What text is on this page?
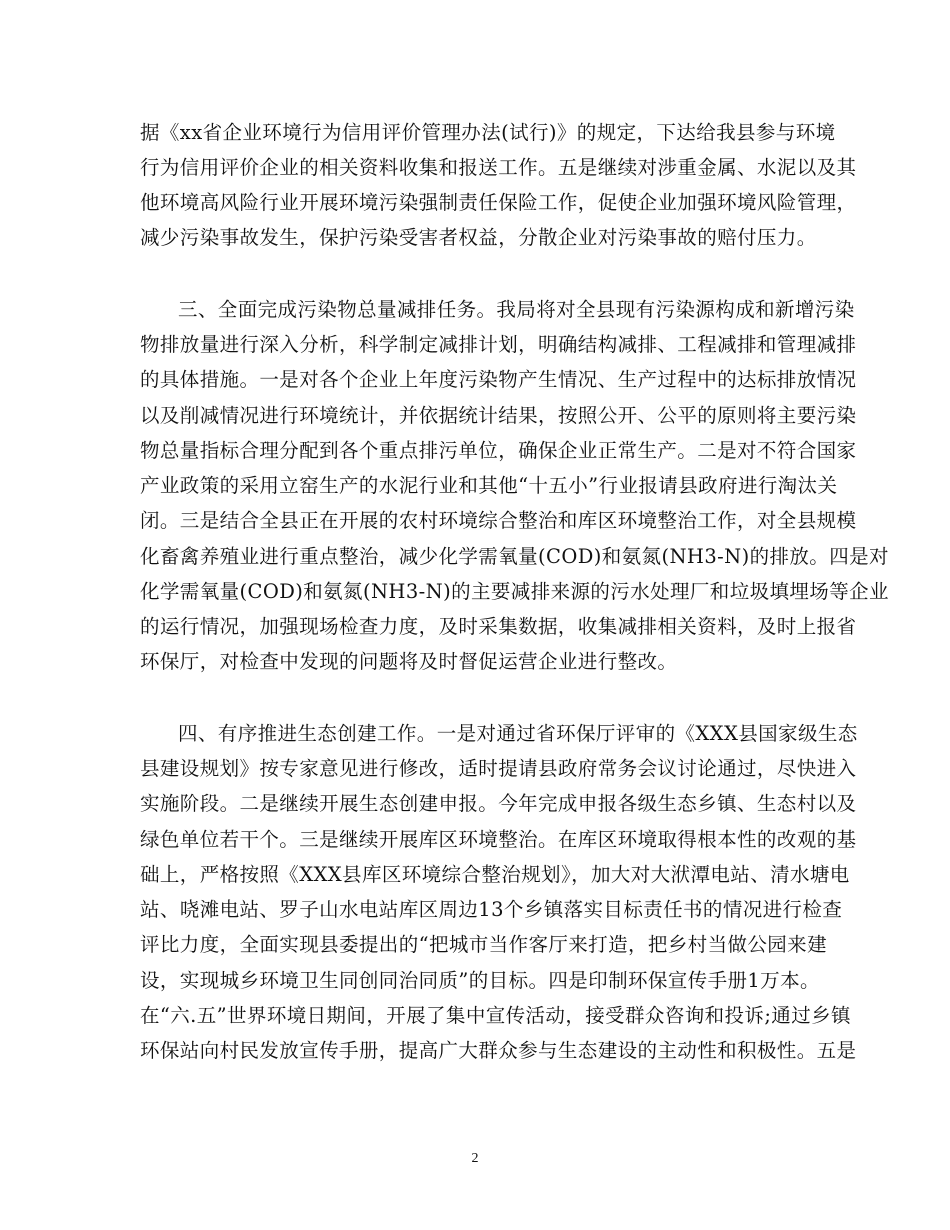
据《xx省企业环境行为信用评价管理办法(试行)》的规定，下达给我县参与环境
行为信用评价企业的相关资料收集和报送工作。五是继续对涉重金属、水泥以及其
他环境高风险行业开展环境污染强制责任保险工作，促使企业加强环境风险管理，
减少污染事故发生，保护污染受害者权益，分散企业对污染事故的赔付压力。
三、全面完成污染物总量减排任务。我局将对全县现有污染源构成和新增污染
物排放量进行深入分析，科学制定减排计划，明确结构减排、工程减排和管理减排
的具体措施。一是对各个企业上年度污染物产生情况、生产过程中的达标排放情况
以及削减情况进行环境统计，并依据统计结果，按照公开、公平的原则将主要污染
物总量指标合理分配到各个重点排污单位，确保企业正常生产。二是对不符合国家
产业政策的采用立窑生产的水泥行业和其他“十五小”行业报请县政府进行淘汰关
闭。三是结合全县正在开展的农村环境综合整治和库区环境整治工作，对全县规模
化畜禽养殖业进行重点整治，减少化学需氧量(COD)和氨氮(NH3-N)的排放。四是对
化学需氧量(COD)和氨氮(NH3-N)的主要减排来源的污水处理厂和垃圾填埋场等企业
的运行情况，加强现场检查力度，及时采集数据，收集减排相关资料，及时上报省
环保厅，对检查中发现的问题将及时督促运营企业进行整改。
四、有序推进生态创建工作。一是对通过省环保厅评审的《XXX县国家级生态
县建设规划》按专家意见进行修改，适时提请县政府常务会议讨论通过，尽快进入
实施阶段。二是继续开展生态创建申报。今年完成申报各级生态乡镇、生态村以及
绿色单位若干个。三是继续开展库区环境整治。在库区环境取得根本性的改观的基
础上，严格按照《XXX县库区环境综合整治规划》，加大对大洑潭电站、清水塘电
站、哓滩电站、罗子山水电站库区周边13个乡镇落实目标责任书的情况进行检查
评比力度，全面实现县委提出的“把城市当作客厅来打造，把乡村当做公园来建
设，实现城乡环境卫生同创同治同质”的目标。四是印制环保宣传手册1万本。
在“六.五”世界环境日期间，开展了集中宣传活动，接受群众咨询和投诉;通过乡镇
环保站向村民发放宣传手册，提高广大群众参与生态建设的主动性和积极性。五是
2
